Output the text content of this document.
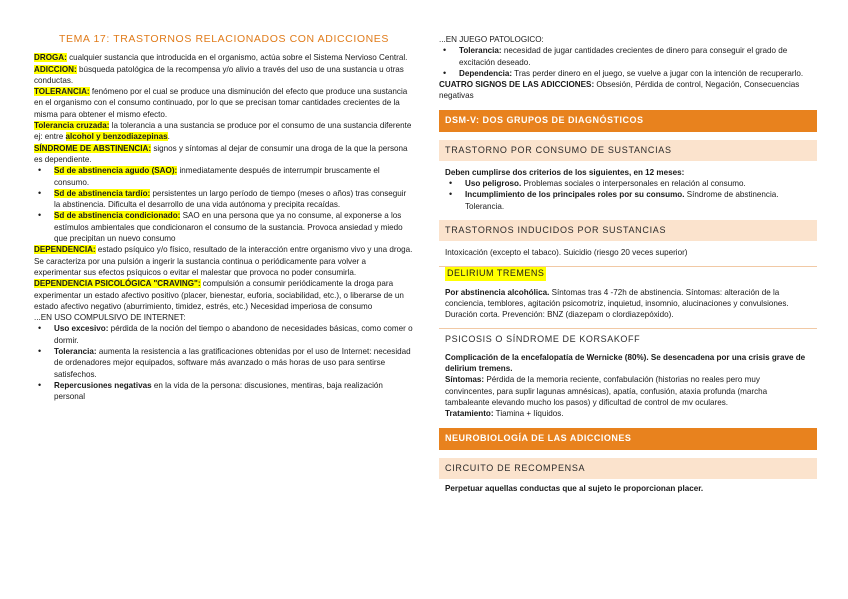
TEMA 17: TRASTORNOS RELACIONADOS CON ADICCIONES

DROGA: cualquier sustancia que introducida en el organismo, actúa sobre el Sistema Nervioso Central.

ADICCION: búsqueda patológica de la recompensa y/o alivio a través del uso de una sustancia u otras conductas.

TOLERANCIA: fenómeno por el cual se produce una disminución del efecto que produce una sustancia en el organismo con el consumo continuado, por lo que se precisan tomar cantidades crecientes de la misma para obtener el mismo efecto.

Tolerancia cruzada: la tolerancia a una sustancia se produce por el consumo de una sustancia diferente ej: entre alcohol y benzodiazepinas.

SÍNDROME DE ABSTINENCIA: signos y síntomas al dejar de consumir una droga de la que la persona es dependiente.

• Sd de abstinencia agudo (SAO): inmediatamente después de interrumpir bruscamente el consumo.
• Sd de abstinencia tardío: persistentes un largo período de tiempo (meses o años) tras conseguir la abstinencia. Dificulta el desarrollo de una vida autónoma y precipita recaídas.
• Sd de abstinencia condicionado: SAO en una persona que ya no consume, al exponerse a los estímulos ambientales que condicionaron el consumo de la sustancia. Provoca ansiedad y miedo que precipitan un nuevo consumo

DEPENDENCIA: estado psíquico y/o físico, resultado de la interacción entre organismo vivo y una droga. Se caracteriza por una pulsión a ingerir la sustancia continua o periódicamente para volver a experimentar sus efectos psíquicos o evitar el malestar que provoca no poder consumirla.

DEPENDENCIA PSICOLÓGICA "CRAVING": compulsión a consumir periódicamente la droga para experimentar un estado afectivo positivo (placer, bienestar, euforia, sociabilidad, etc.), o liberarse de un estado afectivo negativo (aburrimiento, timidez, estrés, etc.) Necesidad imperiosa de consumo

...EN USO COMPULSIVO DE INTERNET:

• Uso excesivo: pérdida de la noción del tiempo o abandono de necesidades básicas, como comer o dormir.
• Tolerancia: aumenta la resistencia a las gratificaciones obtenidas por el uso de Internet: necesidad de ordenadores mejor equipados, software más avanzado o más horas de uso para sentirse satisfechos.
• Repercusiones negativas en la vida de la persona: discusiones, mentiras, baja realización personal

...EN JUEGO PATOLOGICO:

• Tolerancia: necesidad de jugar cantidades crecientes de dinero para conseguir el grado de excitación deseado.
• Dependencia: Tras perder dinero en el juego, se vuelve a jugar con la intención de recuperarlo.

CUATRO SIGNOS DE LAS ADICCIONES: Obsesión, Pérdida de control, Negación, Consecuencias negativas

DSM-V: DOS GRUPOS DE DIAGNÓSTICOS
TRASTORNO POR CONSUMO DE SUSTANCIAS

Deben cumplirse dos criterios de los siguientes, en 12 meses:

• Uso peligroso. Problemas sociales o interpersonales en relación al consumo.
• Incumplimiento de los principales roles por su consumo. Síndrome de abstinencia. Tolerancia.
TRASTORNOS INDUCIDOS POR SUSTANCIAS

Intoxicación (excepto el tabaco). Suicidio (riesgo 20 veces superior)

DELIRIUM TREMENS

Por abstinencia alcohólica. Síntomas tras 4 -72h de abstinencia. Síntomas: alteración de la conciencia, temblores, agitación psicomotriz, inquietud, insomnio, alucinaciones y convulsiones. Duración corta. Prevención: BNZ (diazepam o clordiazepóxido).

PSICOSIS O SÍNDROME DE KORSAKOFF

Complicación de la encefalopatía de Wernicke (80%). Se desencadena por una crisis grave de delirium tremens.

Síntomas: Pérdida de la memoria reciente, confabulación (historias no reales pero muy convincentes, para suplir lagunas amnésicas), apatía, confusión, ataxia profunda (marcha tambaleante elevando mucho los pasos) y dificultad de control de mv oculares.

Tratamiento: Tiamina + líquidos.

NEUROBIOLOGÍA DE LAS ADICCIONES
CIRCUITO DE RECOMPENSA

Perpetuar aquellas conductas que al sujeto le proporcionan placer.
